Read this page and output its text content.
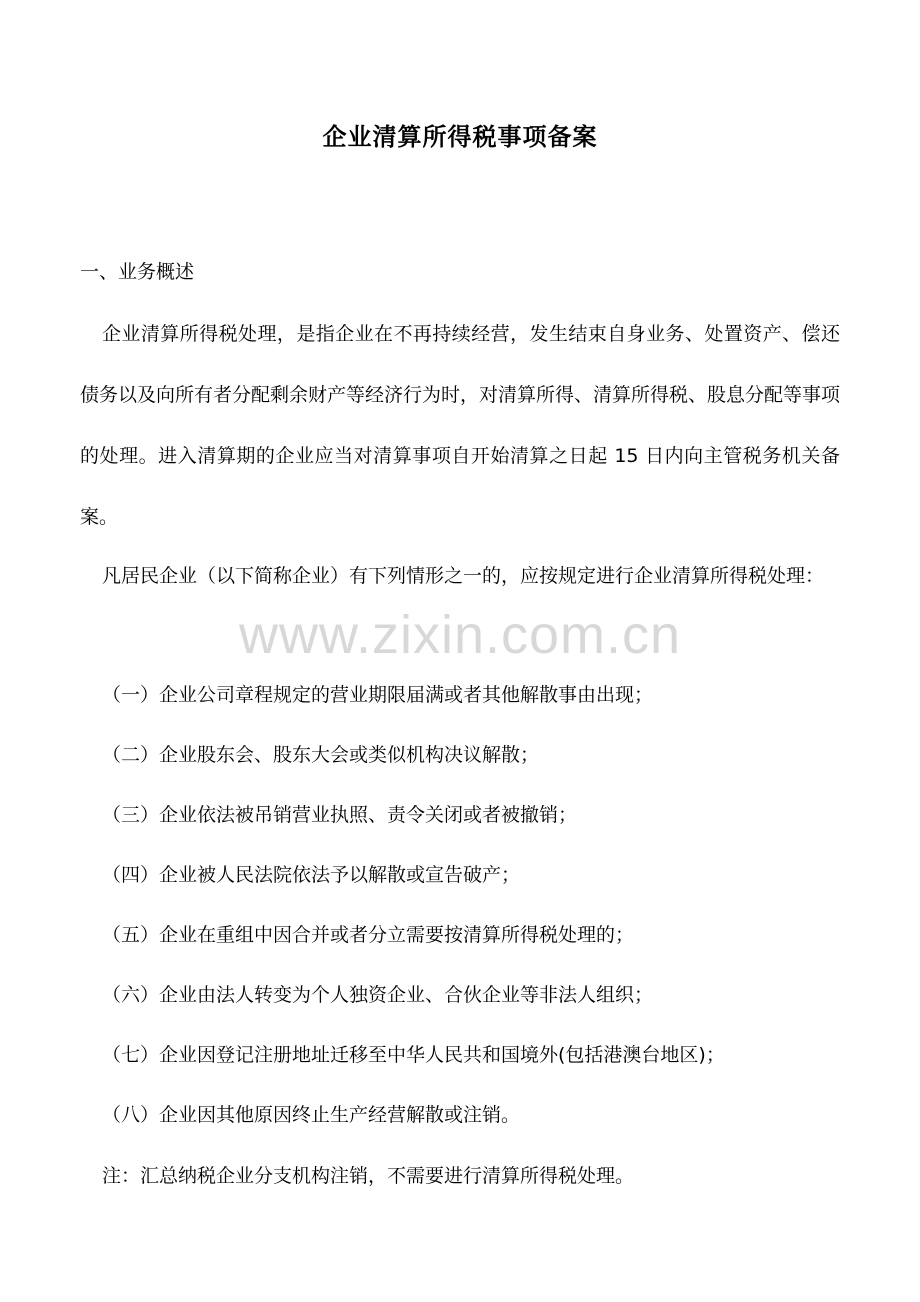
企业清算所得税事项备案
一、业务概述
企业清算所得税处理，是指企业在不再持续经营，发生结束自身业务、处置资产、偿还债务以及向所有者分配剩余财产等经济行为时，对清算所得、清算所得税、股息分配等事项的处理。进入清算期的企业应当对清算事项自开始清算之日起 15 日内向主管税务机关备案。
凡居民企业（以下简称企业）有下列情形之一的，应按规定进行企业清算所得税处理：
（一）企业公司章程规定的营业期限届满或者其他解散事由出现；
（二）企业股东会、股东大会或类似机构决议解散；
（三）企业依法被吊销营业执照、责令关闭或者被撤销；
（四）企业被人民法院依法予以解散或宣告破产；
（五）企业在重组中因合并或者分立需要按清算所得税处理的；
（六）企业由法人转变为个人独资企业、合伙企业等非法人组织；
（七）企业因登记注册地址迁移至中华人民共和国境外(包括港澳台地区)；
（八）企业因其他原因终止生产经营解散或注销。
注：汇总纳税企业分支机构注销，不需要进行清算所得税处理。
www.zixin.com.cn
